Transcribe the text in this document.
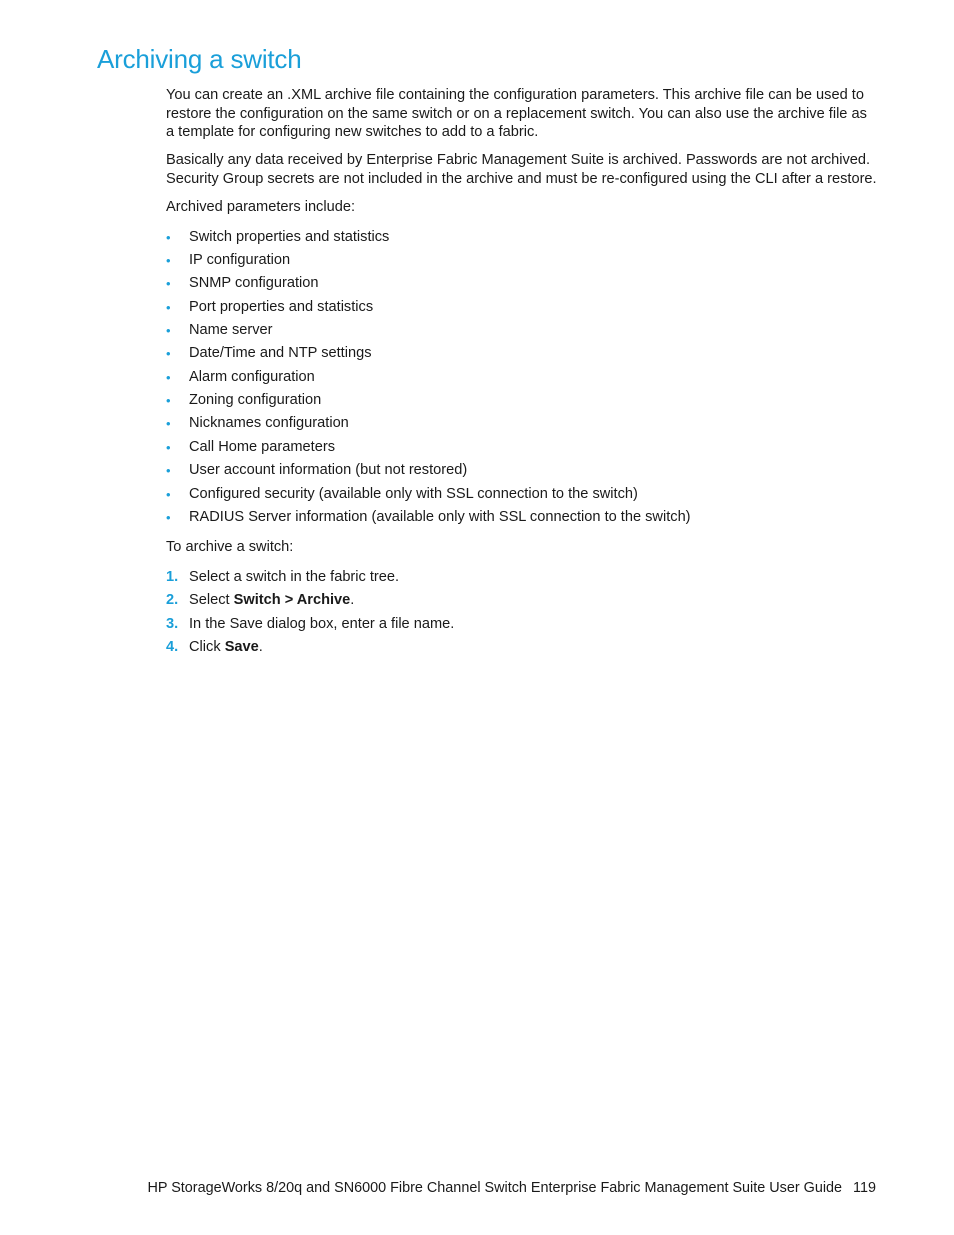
Archiving a switch

You can create an .XML archive file containing the configuration parameters. This archive file can be used to restore the configuration on the same switch or on a replacement switch. You can also use the archive file as a template for configuring new switches to add to a fabric.

Basically any data received by Enterprise Fabric Management Suite is archived. Passwords are not archived. Security Group secrets are not included in the archive and must be re-configured using the CLI after a restore.

Archived parameters include:

• Switch properties and statistics
• IP configuration
• SNMP configuration
• Port properties and statistics
• Name server
• Date/Time and NTP settings
• Alarm configuration
• Zoning configuration
• Nicknames configuration
• Call Home parameters
• User account information (but not restored)
• Configured security (available only with SSL connection to the switch)
• RADIUS Server information (available only with SSL connection to the switch)

To archive a switch:

1. Select a switch in the fabric tree.
2. Select Switch > Archive.
3. In the Save dialog box, enter a file name.
4. Click Save.
HP StorageWorks 8/20q and SN6000 Fibre Channel Switch Enterprise Fabric Management Suite User Guide 119
